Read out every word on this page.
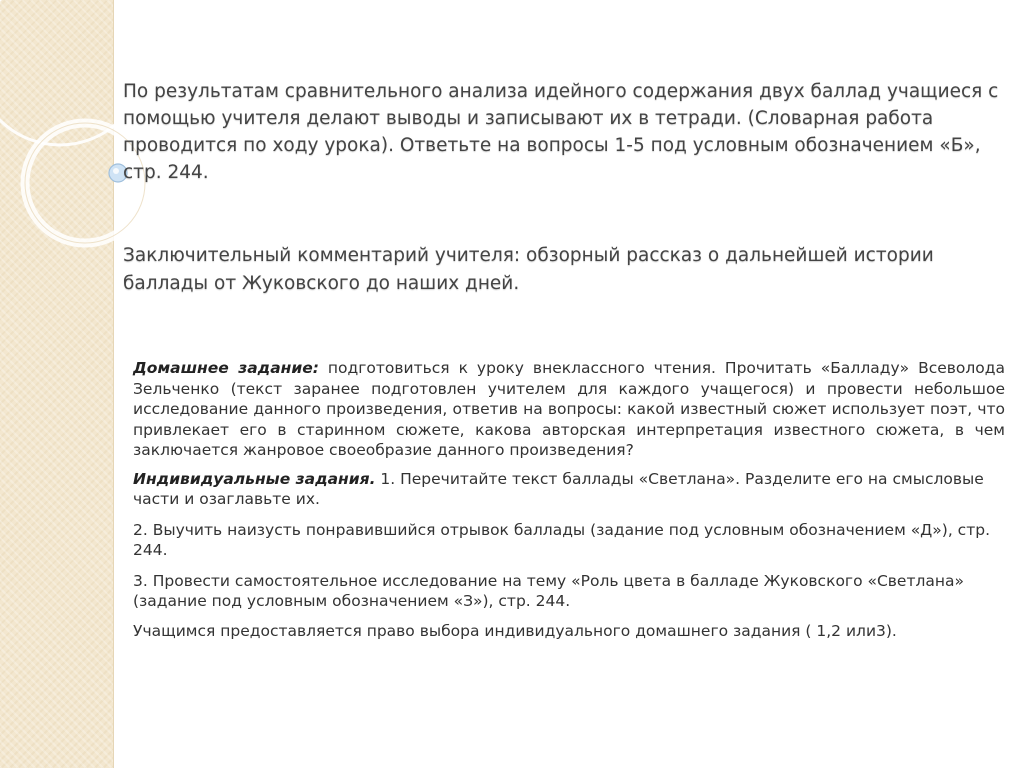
По результатам сравнительного анализа идейного содержания двух баллад учащиеся с помощью учителя делают выводы и записывают их в тетради. (Словарная работа проводится по ходу урока). Ответьте на вопросы 1-5 под условным обозначением «Б», стр. 244.

Заключительный комментарий учителя: обзорный рассказ о дальнейшей истории баллады от Жуковского до наших дней.

Домашнее задание: подготовиться к уроку внеклассного чтения. Прочитать «Балладу» Всеволода Зельченко (текст заранее подготовлен учителем для каждого учащегося) и провести небольшое исследование данного произведения, ответив на вопросы: какой известный сюжет использует поэт, что привлекает его в старинном сюжете, какова авторская интерпретация известного сюжета, в чем заключается жанровое своеобразие данного произведения?

Индивидуальные задания. 1. Перечитайте текст баллады «Светлана». Разделите его на смысловые части и озаглавьте их.

2. Выучить наизусть понравившийся отрывок баллады (задание под условным обозначением «Д»), стр. 244.

3. Провести самостоятельное исследование на тему «Роль цвета в балладе Жуковского «Светлана» (задание под условным обозначением «З»), стр. 244.

Учащимся предоставляется право выбора индивидуального домашнего задания ( 1,2 или3).
